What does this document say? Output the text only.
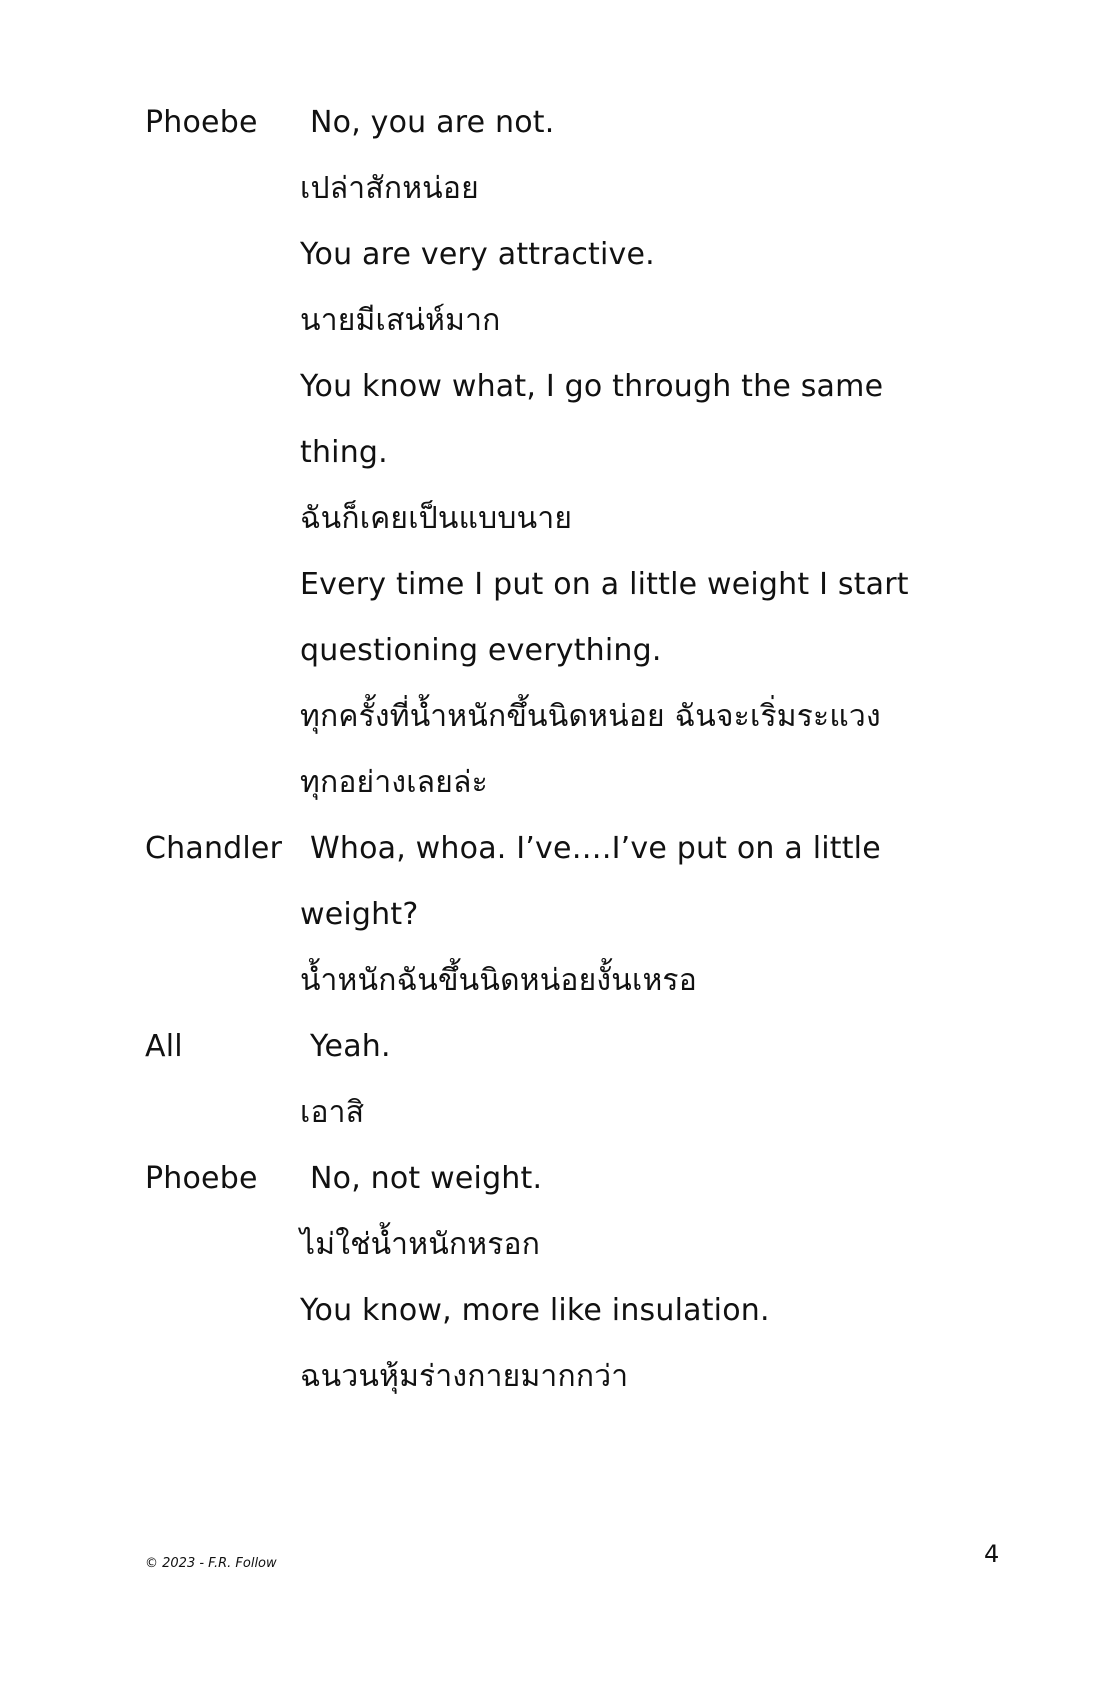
Phoebe No, you are not.
เปล่าสักหน่อย
You are very attractive.
นายมีเสน่ห์มาก
You know what, I go through the same
thing.
ฉันก็เคยเป็นแบบนาย
Every time I put on a little weight I start
questioning everything.
ทุกครั้งที่น้ำหนักขึ้นนิดหน่อย ฉันจะเริ่มระแวง
ทุกอย่างเลยล่ะ
Chandler Whoa, whoa. I’ve….I’ve put on a little
weight?
น้ำหนักฉันขึ้นนิดหน่อยงั้นเหรอ
All	Yeah.
เอาสิ
Phoebe No, not weight.
ไม่ใช่น้ำหนักหรอก
You know, more like insulation.
ฉนวนหุ้มร่างกายมากกว่า
© 2023 - F.R. Follow	4
